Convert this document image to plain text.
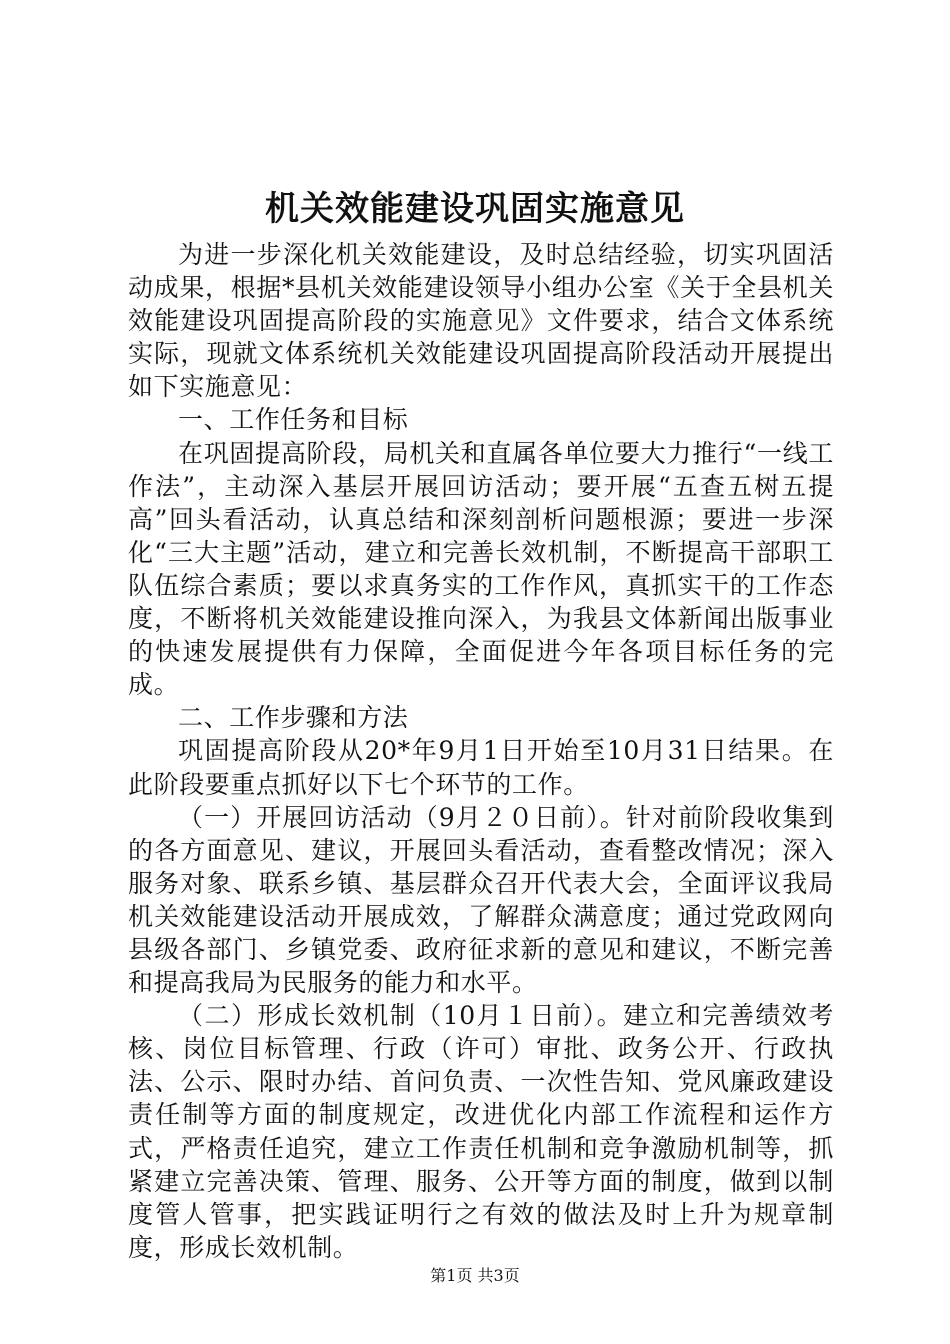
机关效能建设巩固实施意见

为进一步深化机关效能建设，及时总结经验，切实巩固活动成果，根据*县机关效能建设领导小组办公室《关于全县机关效能建设巩固提高阶段的实施意见》文件要求，结合文体系统实际，现就文体系统机关效能建设巩固提高阶段活动开展提出如下实施意见：

一、工作任务和目标

在巩固提高阶段，局机关和直属各单位要大力推行“一线工作法”，主动深入基层开展回访活动；要开展“五查五树五提高”回头看活动，认真总结和深刻剖析问题根源；要进一步深化“三大主题”活动，建立和完善长效机制，不断提高干部职工队伍综合素质；要以求真务实的工作作风，真抓实干的工作态度，不断将机关效能建设推向深入，为我县文体新闻出版事业的快速发展提供有力保障，全面促进今年各项目标任务的完成。

二、工作步骤和方法

巩固提高阶段从20*年9月1日开始至10月31日结果。在此阶段要重点抓好以下七个环节的工作。

（一）开展回访活动（9月２０日前）。针对前阶段收集到的各方面意见、建议，开展回头看活动，查看整改情况；深入服务对象、联系乡镇、基层群众召开代表大会，全面评议我局机关效能建设活动开展成效，了解群众满意度；通过党政网向县级各部门、乡镇党委、政府征求新的意见和建议，不断完善和提高我局为民服务的能力和水平。

（二）形成长效机制（10月１日前）。建立和完善绩效考核、岗位目标管理、行政（许可）审批、政务公开、行政执法、公示、限时办结、首问负责、一次性告知、党风廉政建设责任制等方面的制度规定，改进优化内部工作流程和运作方式，严格责任追究，建立工作责任机制和竞争激励机制等，抓紧建立完善决策、管理、服务、公开等方面的制度，做到以制度管人管事，把实践证明行之有效的做法及时上升为规章制度，形成长效机制。

第1页 共3页
